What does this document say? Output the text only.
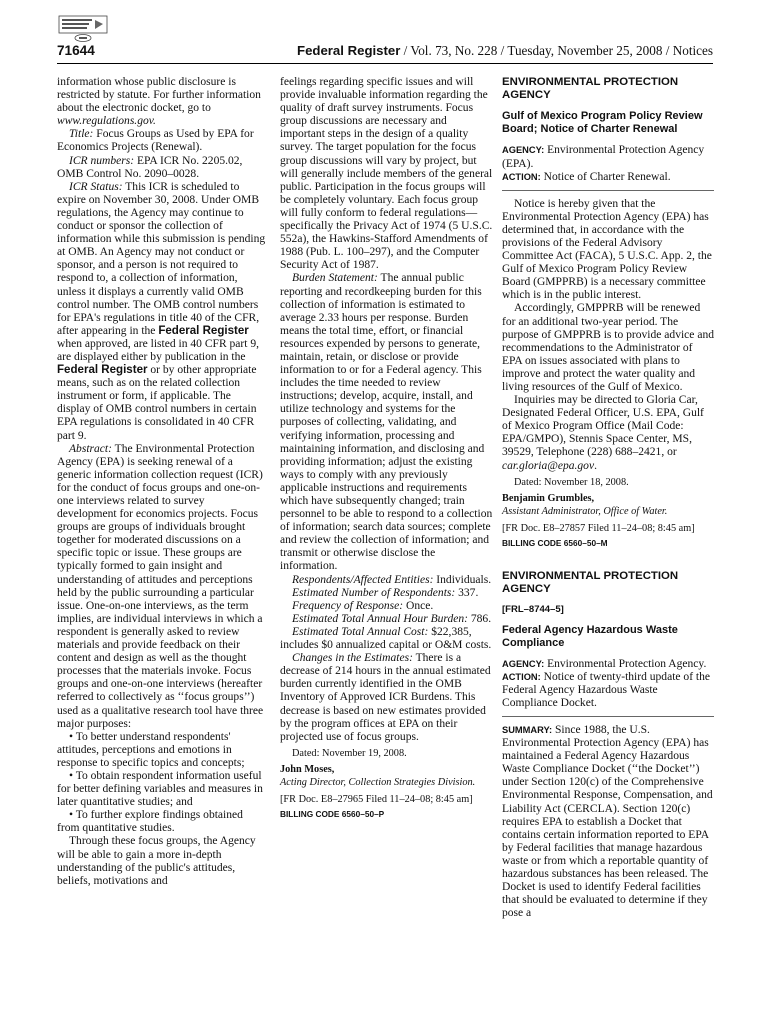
71644	Federal Register / Vol. 73, No. 228 / Tuesday, November 25, 2008 / Notices

information whose public disclosure is restricted by statute. For further information about the electronic docket, go to www.regulations.gov.

Title: Focus Groups as Used by EPA for Economics Projects (Renewal).

ICR numbers: EPA ICR No. 2205.02, OMB Control No. 2090–0028.

ICR Status: This ICR is scheduled to expire on November 30, 2008. Under OMB regulations, the Agency may continue to conduct or sponsor the collection of information while this submission is pending at OMB. An Agency may not conduct or sponsor, and a person is not required to respond to, a collection of information, unless it displays a currently valid OMB control number. The OMB control numbers for EPA's regulations in title 40 of the CFR, after appearing in the Federal Register when approved, are listed in 40 CFR part 9, are displayed either by publication in the Federal Register or by other appropriate means, such as on the related collection instrument or form, if applicable. The display of OMB control numbers in certain EPA regulations is consolidated in 40 CFR part 9.

Abstract: The Environmental Protection Agency (EPA) is seeking renewal of a generic information collection request (ICR) for the conduct of focus groups and one-on-one interviews related to survey development for economics projects. Focus groups are groups of individuals brought together for moderated discussions on a specific topic or issue. These groups are typically formed to gain insight and understanding of attitudes and perceptions held by the public surrounding a particular issue. One-on-one interviews, as the term implies, are individual interviews in which a respondent is generally asked to review materials and provide feedback on their content and design as well as the thought processes that the materials invoke. Focus groups and one-on-one interviews (hereafter referred to collectively as ‘‘focus groups’’) used as a qualitative research tool have three major purposes:

• To better understand respondents' attitudes, perceptions and emotions in response to specific topics and concepts;

• To obtain respondent information useful for better defining variables and measures in later quantitative studies; and

• To further explore findings obtained from quantitative studies.

Through these focus groups, the Agency will be able to gain a more in-depth understanding of the public's attitudes, beliefs, motivations and

feelings regarding specific issues and will provide invaluable information regarding the quality of draft survey instruments. Focus group discussions are necessary and important steps in the design of a quality survey. The target population for the focus group discussions will vary by project, but will generally include members of the general public. Participation in the focus groups will be completely voluntary. Each focus group will fully conform to federal regulations—specifically the Privacy Act of 1974 (5 U.S.C. 552a), the Hawkins-Stafford Amendments of 1988 (Pub. L. 100–297), and the Computer Security Act of 1987.

Burden Statement: The annual public reporting and recordkeeping burden for this collection of information is estimated to average 2.33 hours per response. Burden means the total time, effort, or financial resources expended by persons to generate, maintain, retain, or disclose or provide information to or for a Federal agency. This includes the time needed to review instructions; develop, acquire, install, and utilize technology and systems for the purposes of collecting, validating, and verifying information, processing and maintaining information, and disclosing and providing information; adjust the existing ways to comply with any previously applicable instructions and requirements which have subsequently changed; train personnel to be able to respond to a collection of information; search data sources; complete and review the collection of information; and transmit or otherwise disclose the information.

Respondents/Affected Entities: Individuals.

Estimated Number of Respondents: 337.

Frequency of Response: Once.

Estimated Total Annual Hour Burden: 786.

Estimated Total Annual Cost: $22,385, includes $0 annualized capital or O&M costs.

Changes in the Estimates: There is a decrease of 214 hours in the annual estimated burden currently identified in the OMB Inventory of Approved ICR Burdens. This decrease is based on new estimates provided by the program offices at EPA on their projected use of focus groups.

Dated: November 19, 2008.

John Moses,

Acting Director, Collection Strategies Division.

[FR Doc. E8–27965 Filed 11–24–08; 8:45 am]

BILLING CODE 6560–50–P

ENVIRONMENTAL PROTECTION AGENCY

Gulf of Mexico Program Policy Review Board; Notice of Charter Renewal

AGENCY: Environmental Protection Agency (EPA).

ACTION: Notice of Charter Renewal.

Notice is hereby given that the Environmental Protection Agency (EPA) has determined that, in accordance with the provisions of the Federal Advisory Committee Act (FACA), 5 U.S.C. App. 2, the Gulf of Mexico Program Policy Review Board (GMPPRB) is a necessary committee which is in the public interest.

Accordingly, GMPPRB will be renewed for an additional two-year period. The purpose of GMPPRB is to provide advice and recommendations to the Administrator of EPA on issues associated with plans to improve and protect the water quality and living resources of the Gulf of Mexico.

Inquiries may be directed to Gloria Car, Designated Federal Officer, U.S. EPA, Gulf of Mexico Program Office (Mail Code: EPA/GMPO), Stennis Space Center, MS, 39529, Telephone (228) 688–2421, or car.gloria@epa.gov.

Dated: November 18, 2008.

Benjamin Grumbles,

Assistant Administrator, Office of Water.

[FR Doc. E8–27857 Filed 11–24–08; 8:45 am]

BILLING CODE 6560–50–M

ENVIRONMENTAL PROTECTION AGENCY

[FRL–8744–5]

Federal Agency Hazardous Waste Compliance

AGENCY: Environmental Protection Agency.

ACTION: Notice of twenty-third update of the Federal Agency Hazardous Waste Compliance Docket.

SUMMARY: Since 1988, the U.S. Environmental Protection Agency (EPA) has maintained a Federal Agency Hazardous Waste Compliance Docket (‘‘the Docket’’) under Section 120(c) of the Comprehensive Environmental Response, Compensation, and Liability Act (CERCLA). Section 120(c) requires EPA to establish a Docket that contains certain information reported to EPA by Federal facilities that manage hazardous waste or from which a reportable quantity of hazardous substances has been released. The Docket is used to identify Federal facilities that should be evaluated to determine if they pose a
